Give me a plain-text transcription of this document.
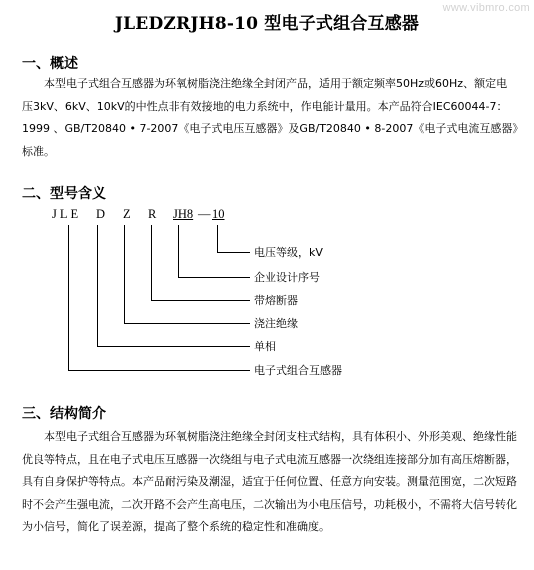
www.vibmro.com
JLEDZRJH8-10 型电子式组合互感器
一、概述

本型电子式组合互感器为环氧树脂浇注绝缘全封闭产品，适用于额定频率50Hz或60Hz、额定电压3kV、6kV、10kV的中性点非有效接地的电力系统中，作电能计量用。本产品符合IEC60044-7：1999 、GB/T20840 • 7-2007《电子式电压互感器》及GB/T20840 • 8-2007《电子式电流互感器》标准。

二、型号含义
JLE D Z R JH8 — 10
电压等级，kV
企业设计序号
带熔断器
浇注绝缘
单相
电子式组合互感器
三、结构简介

本型电子式组合互感器为环氧树脂浇注绝缘全封闭支柱式结构，具有体积小、外形美观、绝缘性能优良等特点，且在电子式电压互感器一次绕组与电子式电流互感器一次绕组连接部分加有高压熔断器，具有自身保护等特点。本产品耐污染及潮湿，适宜于任何位置、任意方向安装。测量范围宽，二次短路时不会产生强电流，二次开路不会产生高电压，二次输出为小电压信号，功耗极小，不需将大信号转化为小信号，简化了误差源，提高了整个系统的稳定性和准确度。
